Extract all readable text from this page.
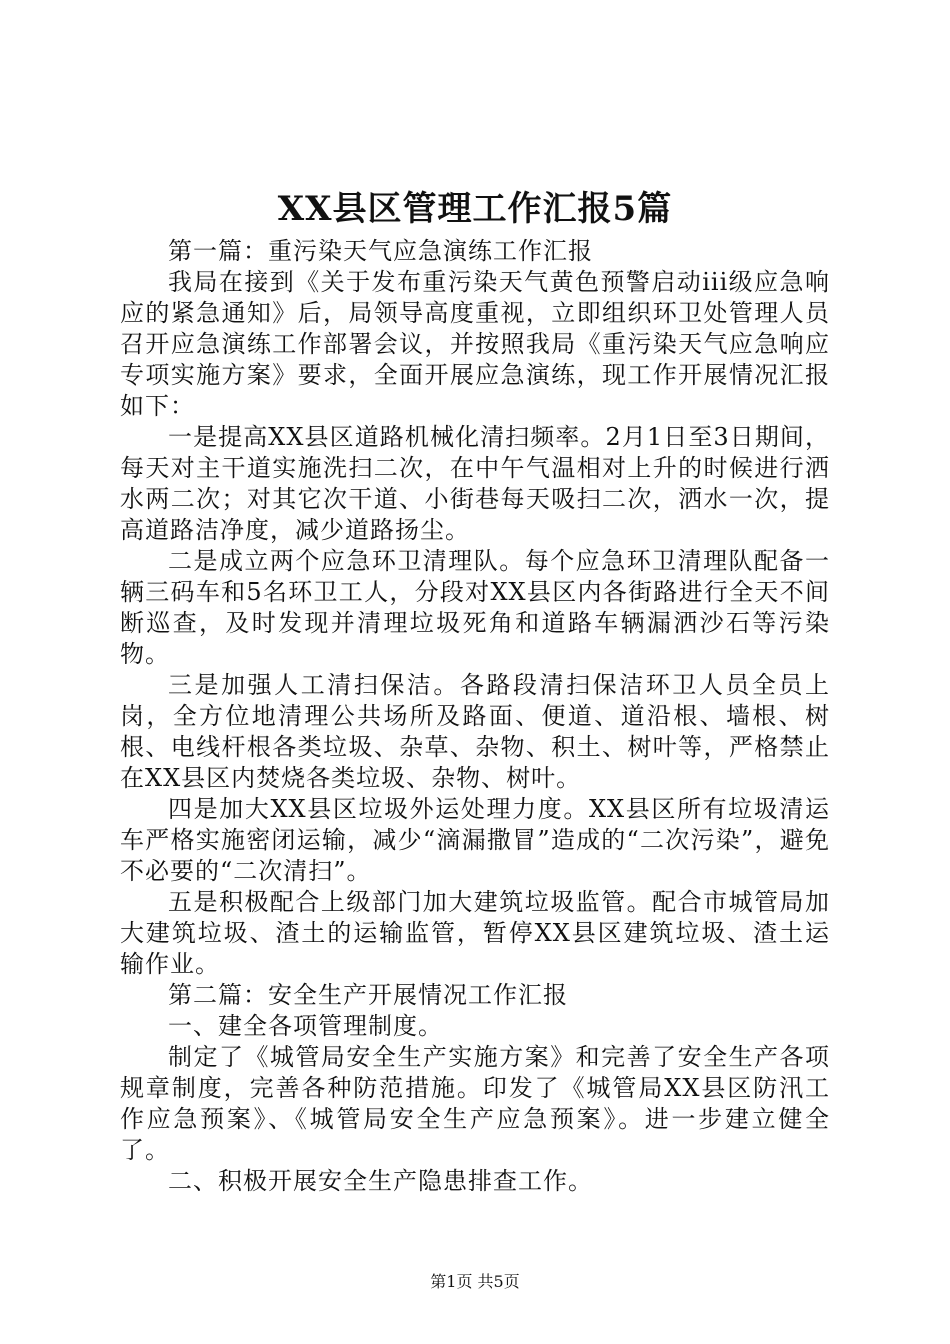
XX县区管理工作汇报5篇

第一篇：重污染天气应急演练工作汇报

我局在接到《关于发布重污染天气黄色预警启动iii级应急响应的紧急通知》后，局领导高度重视，立即组织环卫处管理人员召开应急演练工作部署会议，并按照我局《重污染天气应急响应专项实施方案》要求，全面开展应急演练，现工作开展情况汇报如下：

一是提高XX县区道路机械化清扫频率。2月1日至3日期间，每天对主干道实施洗扫二次，在中午气温相对上升的时候进行洒水两二次；对其它次干道、小街巷每天吸扫二次，洒水一次，提高道路洁净度，减少道路扬尘。

二是成立两个应急环卫清理队。每个应急环卫清理队配备一辆三码车和5名环卫工人，分段对XX县区内各街路进行全天不间断巡查，及时发现并清理垃圾死角和道路车辆漏洒沙石等污染物。

三是加强人工清扫保洁。各路段清扫保洁环卫人员全员上岗，全方位地清理公共场所及路面、便道、道沿根、墙根、树根、电线杆根各类垃圾、杂草、杂物、积土、树叶等，严格禁止在XX县区内焚烧各类垃圾、杂物、树叶。

四是加大XX县区垃圾外运处理力度。XX县区所有垃圾清运车严格实施密闭运输，减少“滴漏撒冒”造成的“二次污染”，避免不必要的“二次清扫”。

五是积极配合上级部门加大建筑垃圾监管。配合市城管局加大建筑垃圾、渣土的运输监管，暂停XX县区建筑垃圾、渣土运输作业。

第二篇：安全生产开展情况工作汇报

一、建全各项管理制度。

制定了《城管局安全生产实施方案》和完善了安全生产各项规章制度，完善各种防范措施。印发了《城管局XX县区防汛工作应急预案》、《城管局安全生产应急预案》。进一步建立健全了。

二、积极开展安全生产隐患排查工作。

第1页 共5页
